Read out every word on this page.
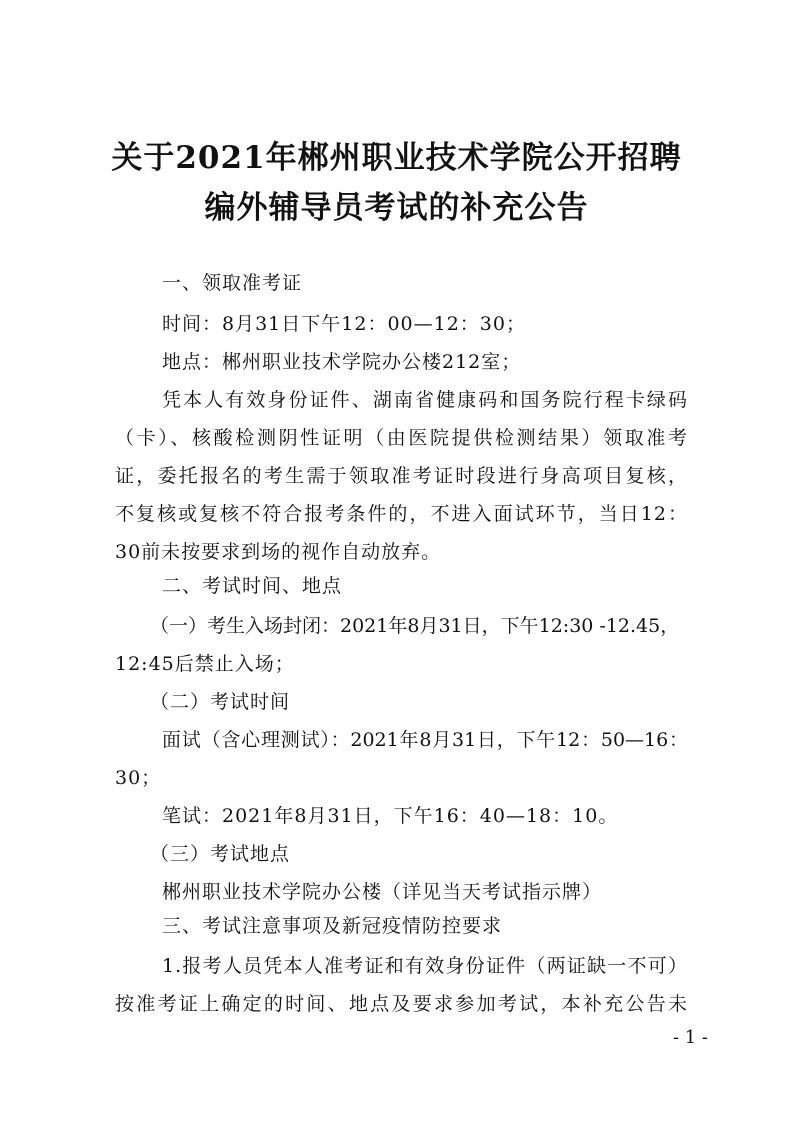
关于2021年郴州职业技术学院公开招聘
编外辅导员考试的补充公告
一、领取准考证
时间：8月31日下午12：00—12：30；
地点：郴州职业技术学院办公楼212室；
凭本人有效身份证件、湖南省健康码和国务院行程卡绿码
（卡）、核酸检测阴性证明（由医院提供检测结果）领取准考
证，委托报名的考生需于领取准考证时段进行身高项目复核，
不复核或复核不符合报考条件的，不进入面试环节，当日12：
30前未按要求到场的视作自动放弃。
二、考试时间、地点
（一）考生入场封闭：2021年8月31日，下午12:30 -12.45，
12:45后禁止入场；
（二）考试时间
面试（含心理测试）：2021年8月31日，下午12：50—16：
30；
笔试：2021年8月31日，下午16：40—18：10。
（三）考试地点
郴州职业技术学院办公楼（详见当天考试指示牌）
三、考试注意事项及新冠疫情防控要求
1.报考人员凭本人准考证和有效身份证件（两证缺一不可）
按准考证上确定的时间、地点及要求参加考试，本补充公告未
- 1 -
